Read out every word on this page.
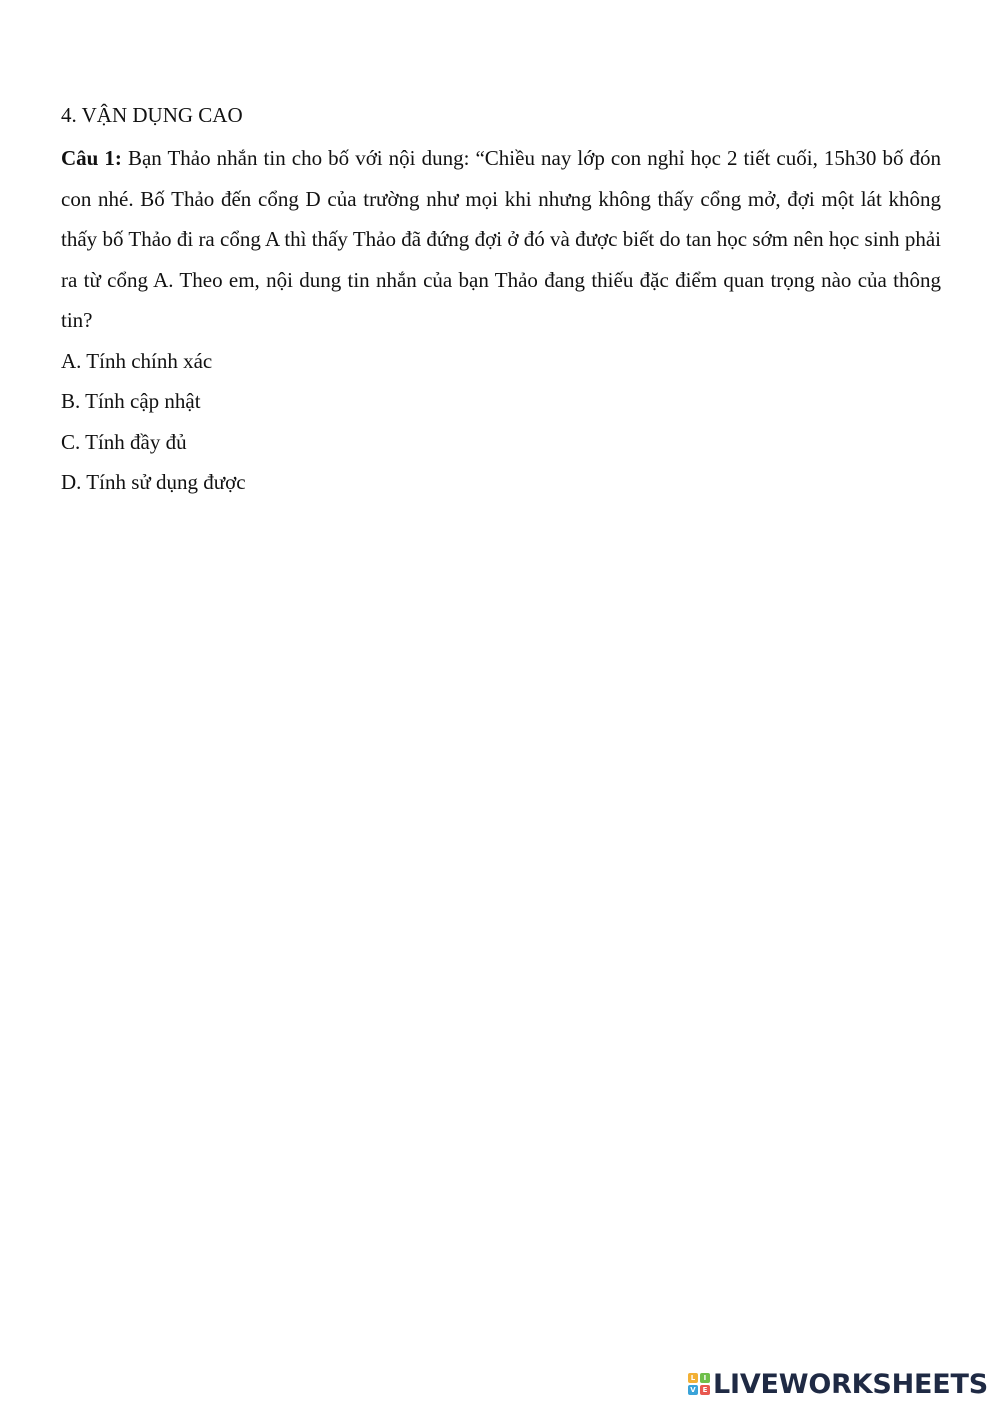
4. VẬN DỤNG CAO

Câu 1: Bạn Thảo nhắn tin cho bố với nội dung: “Chiều nay lớp con nghỉ học 2 tiết cuối, 15h30 bố đón con nhé. Bố Thảo đến cổng D của trường như mọi khi nhưng không thấy cổng mở, đợi một lát không thấy bố Thảo đi ra cổng A thì thấy Thảo đã đứng đợi ở đó và được biết do tan học sớm nên học sinh phải ra từ cổng A. Theo em, nội dung tin nhắn của bạn Thảo đang thiếu đặc điểm quan trọng nào của thông tin?

A. Tính chính xác
B. Tính cập nhật
C. Tính đầy đủ
D. Tính sử dụng được
L	I
V E LIVEWORKSHEETS
